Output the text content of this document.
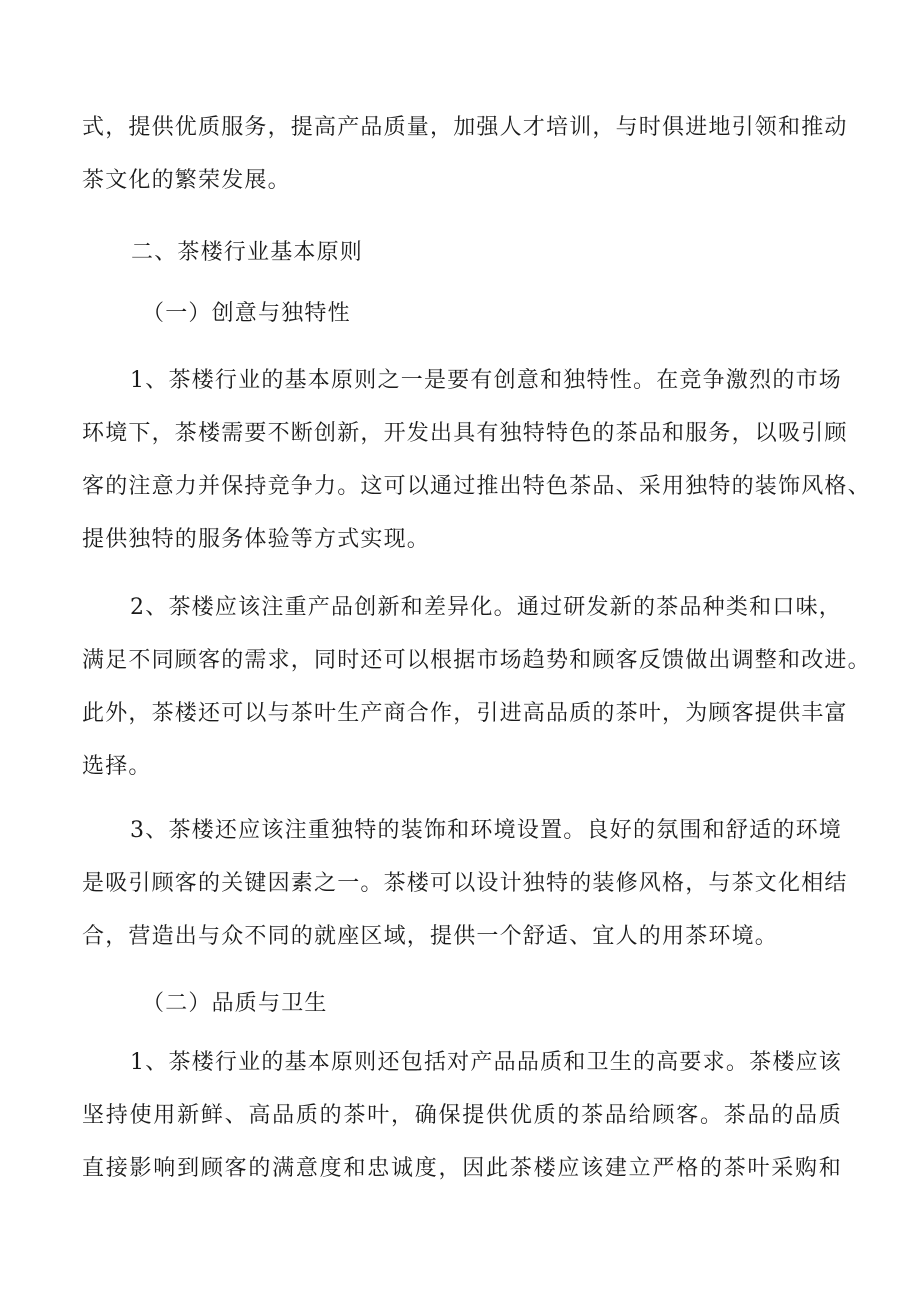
式，提供优质服务，提高产品质量，加强人才培训，与时俱进地引领和推动
茶文化的繁荣发展。
二、茶楼行业基本原则
（一）创意与独特性
1、茶楼行业的基本原则之一是要有创意和独特性。在竞争激烈的市场
环境下，茶楼需要不断创新，开发出具有独特特色的茶品和服务，以吸引顾
客的注意力并保持竞争力。这可以通过推出特色茶品、采用独特的装饰风格、
提供独特的服务体验等方式实现。
2、茶楼应该注重产品创新和差异化。通过研发新的茶品种类和口味，
满足不同顾客的需求，同时还可以根据市场趋势和顾客反馈做出调整和改进。
此外，茶楼还可以与茶叶生产商合作，引进高品质的茶叶，为顾客提供丰富
选择。
3、茶楼还应该注重独特的装饰和环境设置。良好的氛围和舒适的环境
是吸引顾客的关键因素之一。茶楼可以设计独特的装修风格，与茶文化相结
合，营造出与众不同的就座区域，提供一个舒适、宜人的用茶环境。
（二）品质与卫生
1、茶楼行业的基本原则还包括对产品品质和卫生的高要求。茶楼应该
坚持使用新鲜、高品质的茶叶，确保提供优质的茶品给顾客。茶品的品质
直接影响到顾客的满意度和忠诚度，因此茶楼应该建立严格的茶叶采购和
